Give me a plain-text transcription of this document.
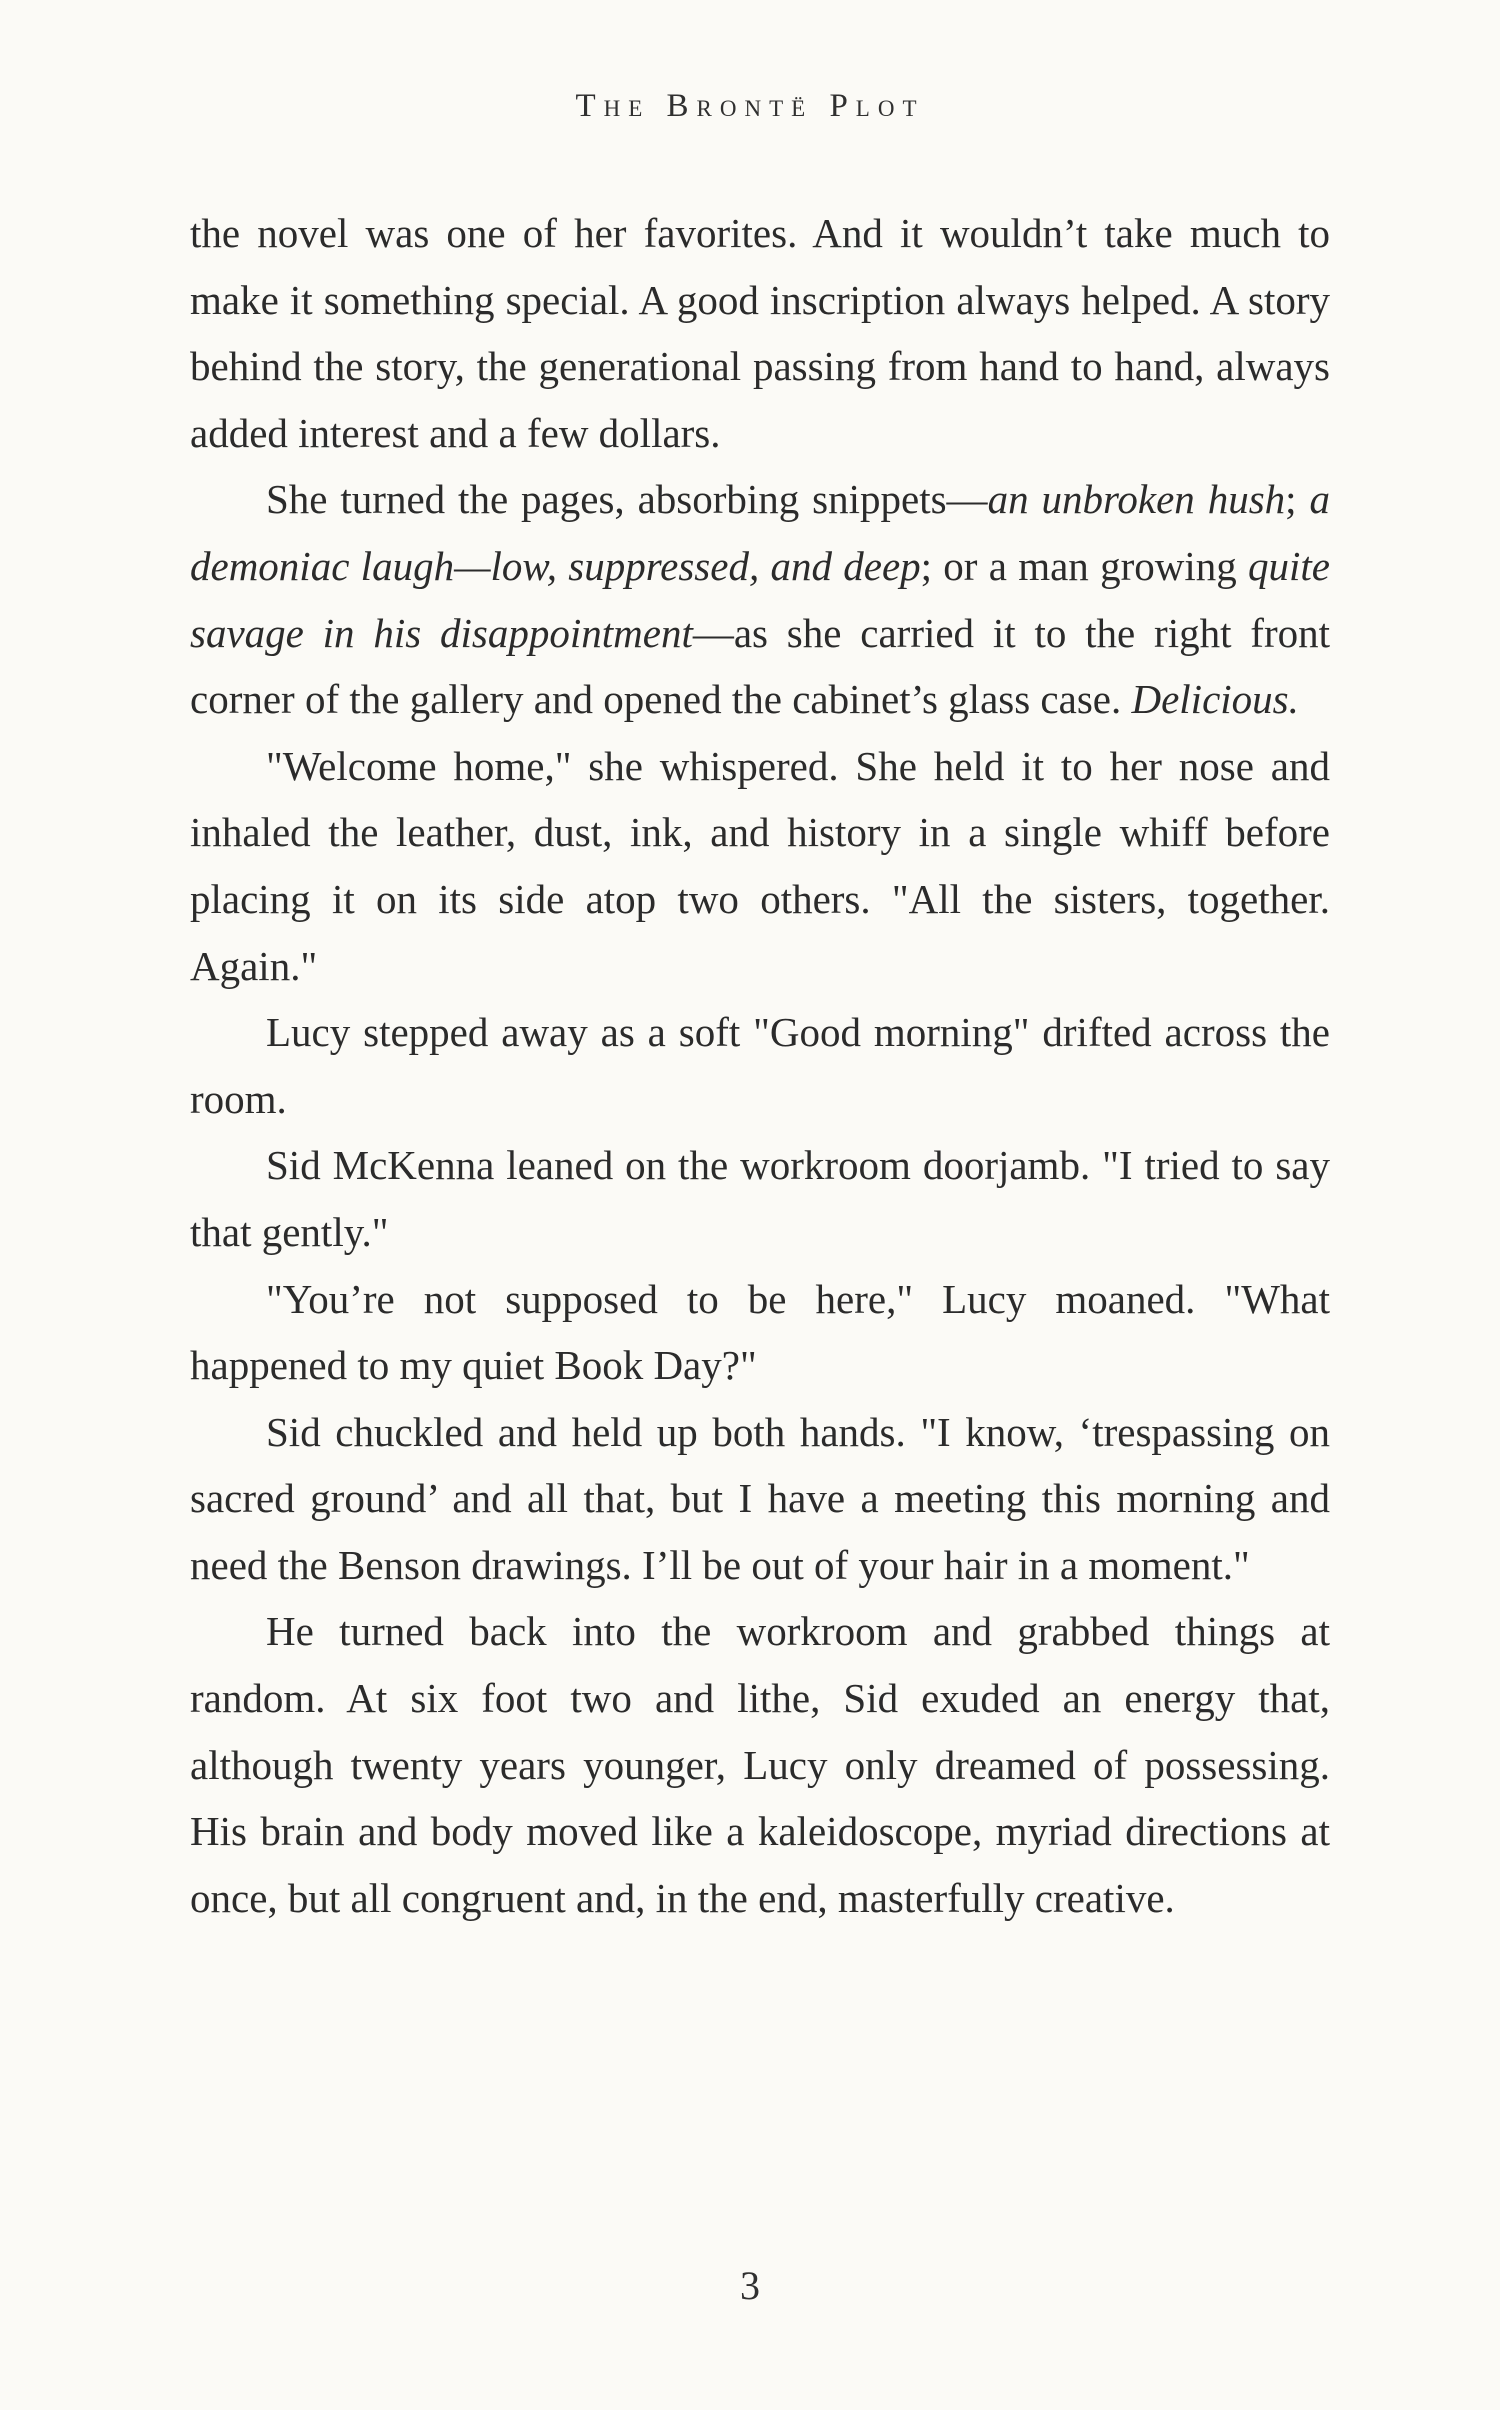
The Brontë Plot

the novel was one of her favorites. And it wouldn’t take much to make it something special. A good inscription always helped. A story behind the story, the generational passing from hand to hand, always added interest and a few dollars.

She turned the pages, absorbing snippets—an unbroken hush; a demoniac laugh—low, suppressed, and deep; or a man growing quite savage in his disappointment—as she carried it to the right front corner of the gallery and opened the cabinet’s glass case. Delicious.

"Welcome home," she whispered. She held it to her nose and inhaled the leather, dust, ink, and history in a single whiff before placing it on its side atop two others. "All the sisters, together. Again."

Lucy stepped away as a soft "Good morning" drifted across the room.

Sid McKenna leaned on the workroom doorjamb. "I tried to say that gently."

"You’re not supposed to be here," Lucy moaned. "What happened to my quiet Book Day?"

Sid chuckled and held up both hands. "I know, ‘trespassing on sacred ground’ and all that, but I have a meeting this morning and need the Benson drawings. I’ll be out of your hair in a moment."

He turned back into the workroom and grabbed things at random. At six foot two and lithe, Sid exuded an energy that, although twenty years younger, Lucy only dreamed of possessing. His brain and body moved like a kaleidoscope, myriad directions at once, but all congruent and, in the end, masterfully creative.

3
